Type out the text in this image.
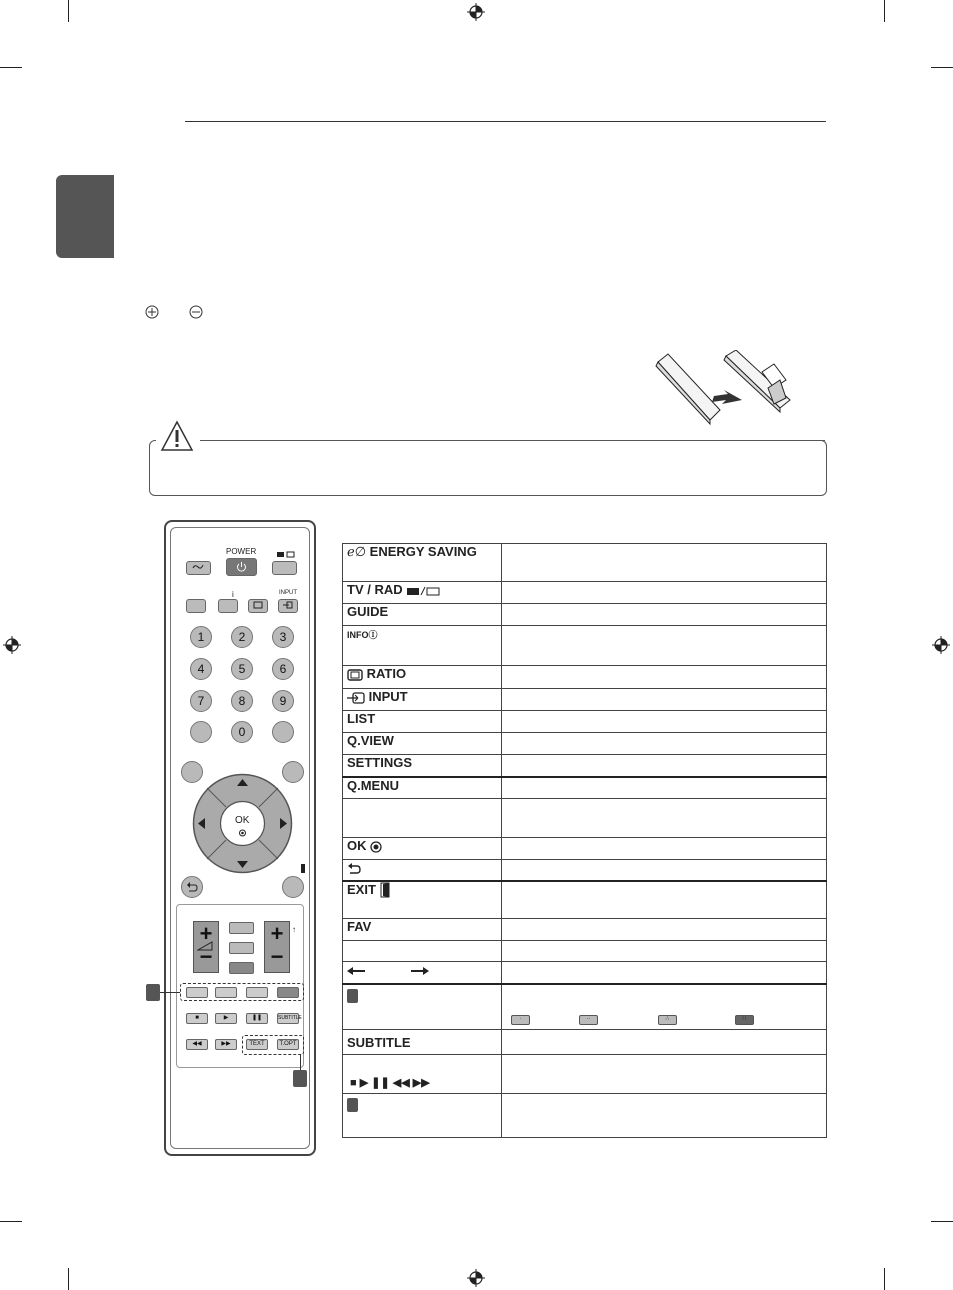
POWER
i	INPUT
1	2	3
4	5	6
7	8	9
0
OK
+
−
+
−
↑
■	▶	❚❚	SUBTITLE
◀◀	▶▶	TEXT	T.OPT
ℯ∅ ENERGY SAVING	
TV / RAD	
GUIDE	
INFOⒾ	
RATIO	
INPUT	
LIST	
Q.VIEW	
SETTINGS	
Q.MENU	

OK	

EXIT	
FAV	

	· ·· ∴ ∷

SUBTITLE	
■ ▶ ❚❚ ◀◀ ▶▶	
